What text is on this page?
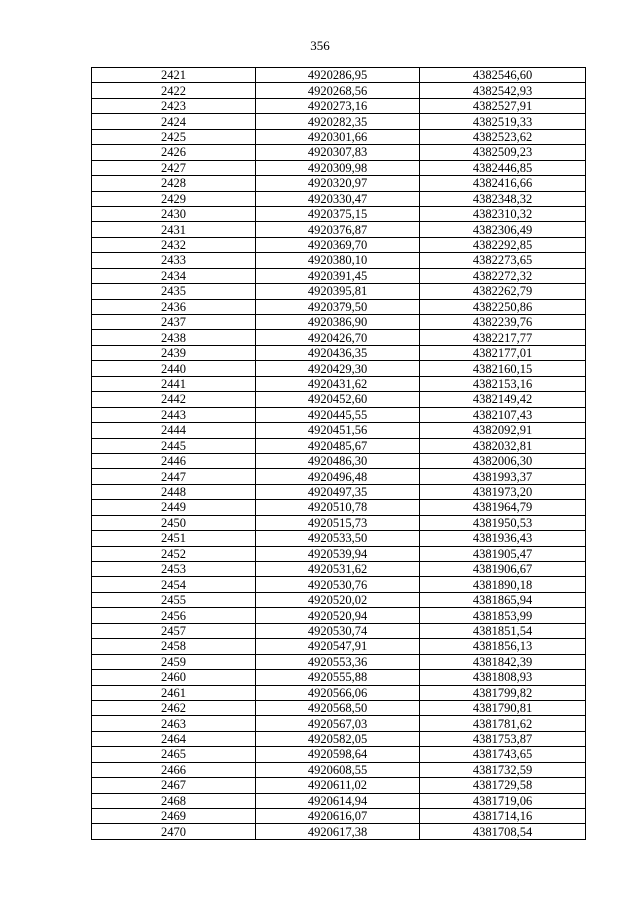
356
2421	4920286,95	4382546,60
2422	4920268,56	4382542,93
2423	4920273,16	4382527,91
2424	4920282,35	4382519,33
2425	4920301,66	4382523,62
2426	4920307,83	4382509,23
2427	4920309,98	4382446,85
2428	4920320,97	4382416,66
2429	4920330,47	4382348,32
2430	4920375,15	4382310,32
2431	4920376,87	4382306,49
2432	4920369,70	4382292,85
2433	4920380,10	4382273,65
2434	4920391,45	4382272,32
2435	4920395,81	4382262,79
2436	4920379,50	4382250,86
2437	4920386,90	4382239,76
2438	4920426,70	4382217,77
2439	4920436,35	4382177,01
2440	4920429,30	4382160,15
2441	4920431,62	4382153,16
2442	4920452,60	4382149,42
2443	4920445,55	4382107,43
2444	4920451,56	4382092,91
2445	4920485,67	4382032,81
2446	4920486,30	4382006,30
2447	4920496,48	4381993,37
2448	4920497,35	4381973,20
2449	4920510,78	4381964,79
2450	4920515,73	4381950,53
2451	4920533,50	4381936,43
2452	4920539,94	4381905,47
2453	4920531,62	4381906,67
2454	4920530,76	4381890,18
2455	4920520,02	4381865,94
2456	4920520,94	4381853,99
2457	4920530,74	4381851,54
2458	4920547,91	4381856,13
2459	4920553,36	4381842,39
2460	4920555,88	4381808,93
2461	4920566,06	4381799,82
2462	4920568,50	4381790,81
2463	4920567,03	4381781,62
2464	4920582,05	4381753,87
2465	4920598,64	4381743,65
2466	4920608,55	4381732,59
2467	4920611,02	4381729,58
2468	4920614,94	4381719,06
2469	4920616,07	4381714,16
2470	4920617,38	4381708,54
